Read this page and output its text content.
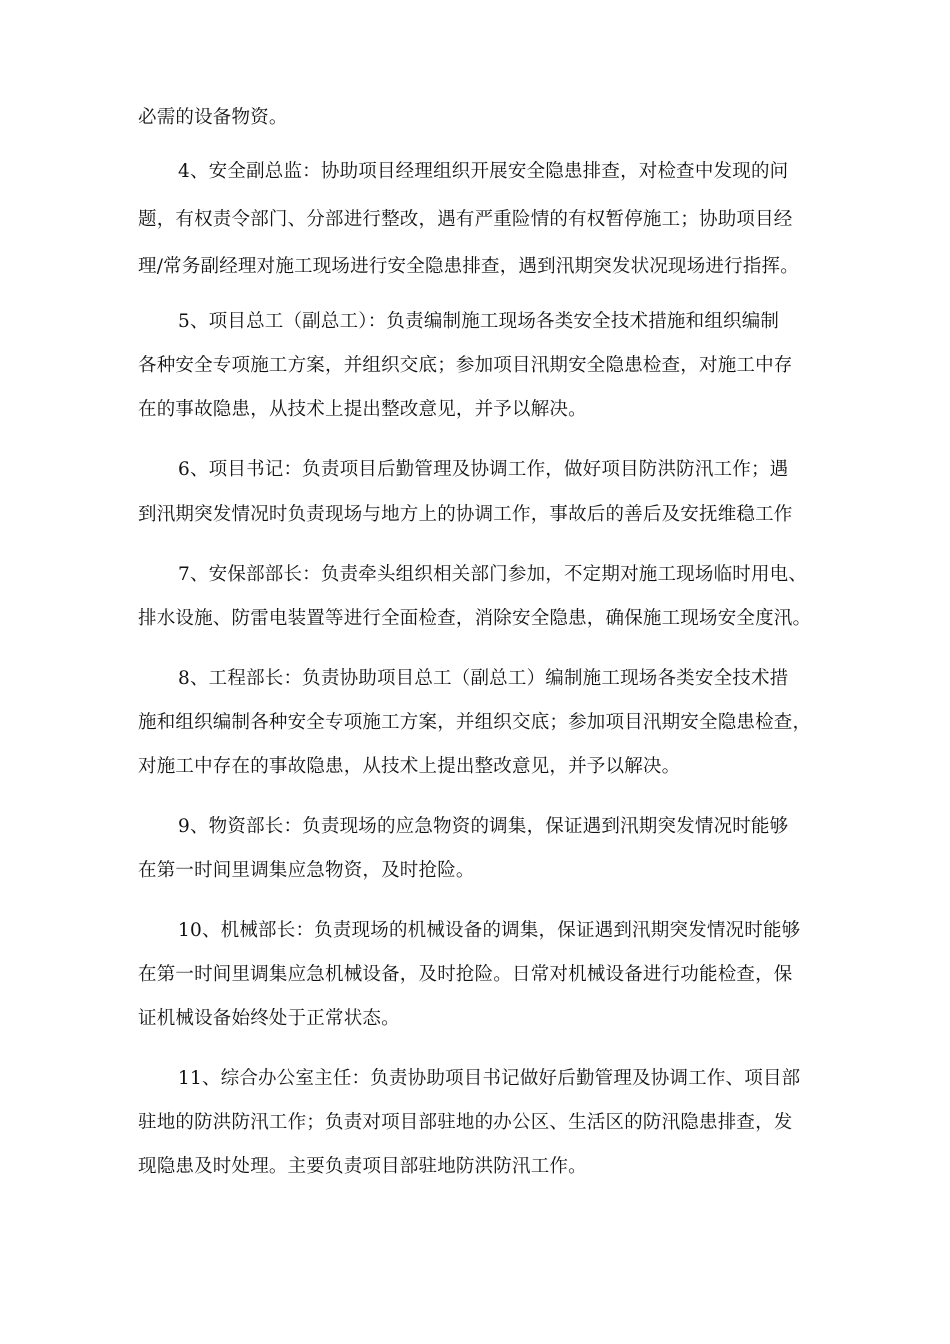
必需的设备物资。
4、安全副总监：协助项目经理组织开展安全隐患排查，对检查中发现的问
题，有权责令部门、分部进行整改，遇有严重险情的有权暂停施工；协助项目经
理/常务副经理对施工现场进行安全隐患排查，遇到汛期突发状况现场进行指挥。
5、项目总工（副总工）：负责编制施工现场各类安全技术措施和组织编制
各种安全专项施工方案，并组织交底；参加项目汛期安全隐患检查，对施工中存
在的事故隐患，从技术上提出整改意见，并予以解决。
6、项目书记：负责项目后勤管理及协调工作，做好项目防洪防汛工作；遇
到汛期突发情况时负责现场与地方上的协调工作，事故后的善后及安抚维稳工作
7、安保部部长：负责牵头组织相关部门参加，不定期对施工现场临时用电、
排水设施、防雷电装置等进行全面检查，消除安全隐患，确保施工现场安全度汛。
8、工程部长：负责协助项目总工（副总工）编制施工现场各类安全技术措
施和组织编制各种安全专项施工方案，并组织交底；参加项目汛期安全隐患检查，
对施工中存在的事故隐患，从技术上提出整改意见，并予以解决。
9、物资部长：负责现场的应急物资的调集，保证遇到汛期突发情况时能够
在第一时间里调集应急物资，及时抢险。
10、机械部长：负责现场的机械设备的调集，保证遇到汛期突发情况时能够
在第一时间里调集应急机械设备，及时抢险。日常对机械设备进行功能检查，保
证机械设备始终处于正常状态。
11、综合办公室主任：负责协助项目书记做好后勤管理及协调工作、项目部
驻地的防洪防汛工作；负责对项目部驻地的办公区、生活区的防汛隐患排查，发
现隐患及时处理。主要负责项目部驻地防洪防汛工作。
